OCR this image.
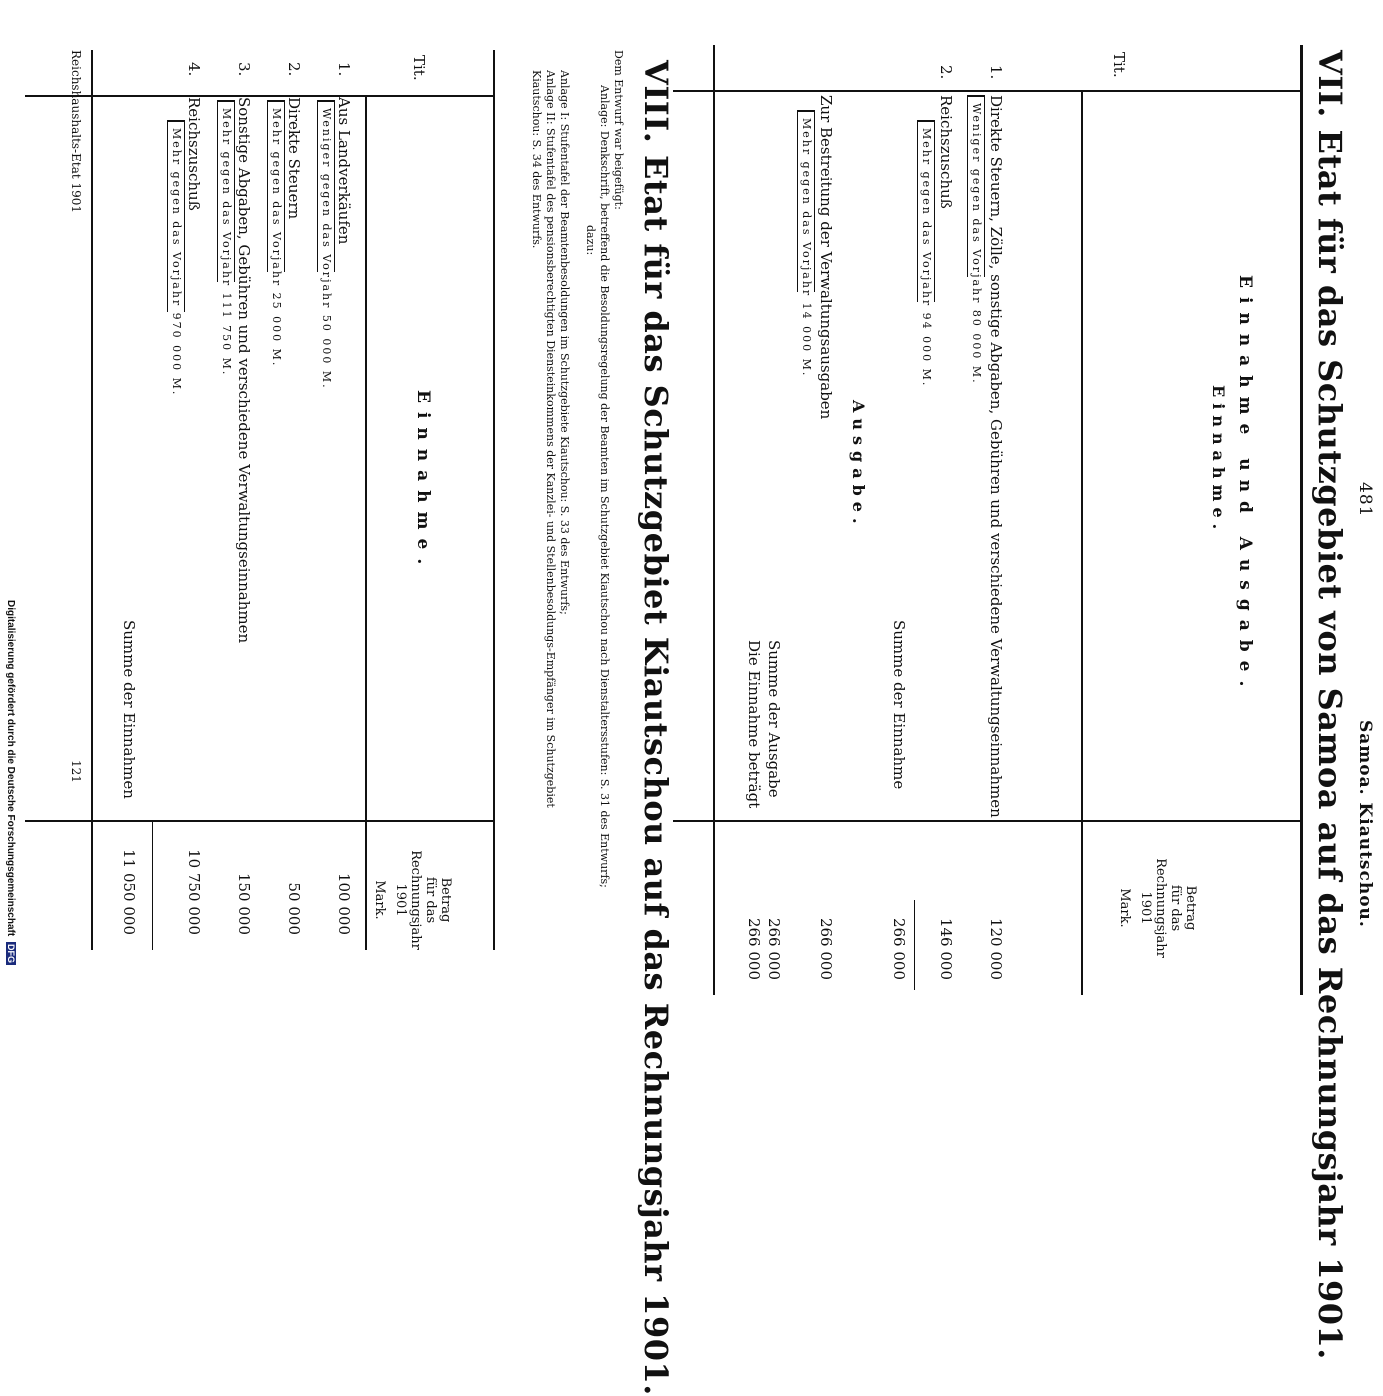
Samoa. Kiautschou.
481
VII. Etat für das Schutzgebiet von Samoa auf das Rechnungsjahr 1901.
Tit.
Betrag
für das
Rechnungsjahr
1901
Mark.
Einnahme und Ausgabe.
Einnahme.
1.
Direkte Steuern, Zölle, sonstige Abgaben, Gebühren und verschiedene Verwaltungseinnahmen
Weniger gegen das Vorjahr 80 000 M.
120 000
2.
Reichszuschuß
Mehr gegen das Vorjahr 94 000 M.
146 000
Summe der Einnahme
266 000
Ausgabe.
Zur Bestreitung der Verwaltungsausgaben
Mehr gegen das Vorjahr 14 000 M.
266 000
Summe der Ausgabe
266 000
Die Einnahme beträgt
266 000
VIII. Etat für das Schutzgebiet Kiautschou auf das Rechnungsjahr 1901.
Dem Entwurf war beigefügt:
Anlage: Denkschrift, betreffend die Besoldungsregelung der Beamten im Schutzgebiet Kiautschou nach Dienstaltersstufen: S. 31 des Entwurfs;
dazu:
Anlage I: Stufentafel der Beamtenbesoldungen im Schutzgebiete Kiautschou: S. 33 des Entwurfs;
Anlage II: Stufentafel des pensionsberechtigten Diensteinkommens der Kanzlei- und Stellenbesoldungs-Empfänger im Schutzgebiet
Kiautschou: S. 34 des Entwurfs.
Tit.
Betrag
für das
Rechnungsjahr
1901
Mark.
Einnahme.
1.
Aus Landverkäufen
Weniger gegen das Vorjahr 50 000 M.
100 000
2.
Direkte Steuern
Mehr gegen das Vorjahr 25 000 M.
50 000
3.
Sonstige Abgaben, Gebühren und verschiedene Verwaltungseinnahmen
Mehr gegen das Vorjahr 111 750 M.
150 000
4.
Reichszuschuß
Mehr gegen das Vorjahr 970 000 M.
10 750 000
Summe der Einnahmen
11 050 000
Reichshaushalts-Etat 1901
121
Digitalisierung gefördert durch die Deutsche Forschungsgemeinschaft DFG
